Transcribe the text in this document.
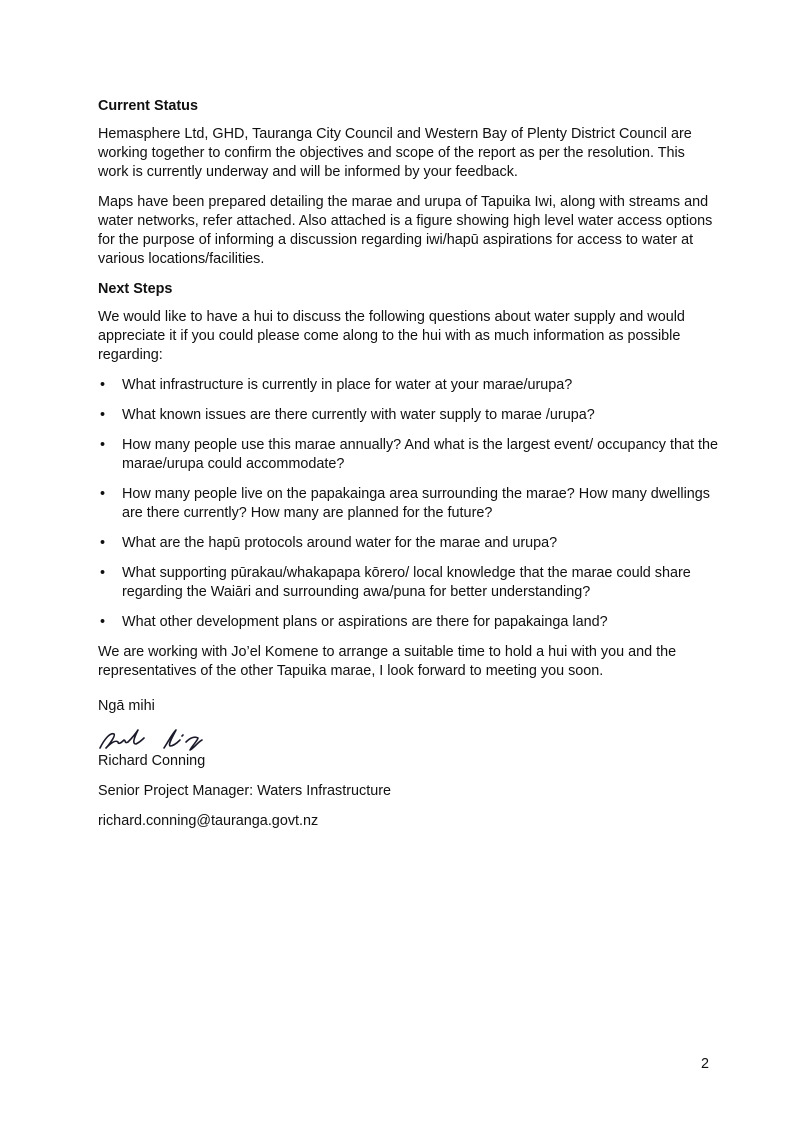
Current Status

Hemasphere Ltd, GHD, Tauranga City Council and Western Bay of Plenty District Council are working together to confirm the objectives and scope of the report as per the resolution. This work is currently underway and will be informed by your feedback.

Maps have been prepared detailing the marae and urupa of Tapuika Iwi, along with streams and water networks, refer attached. Also attached is a figure showing high level water access options for the purpose of informing a discussion regarding iwi/hapū aspirations for access to water at various locations/facilities.

Next Steps

We would like to have a hui to discuss the following questions about water supply and would appreciate it if you could please come along to the hui with as much information as possible regarding:

• What infrastructure is currently in place for water at your marae/urupa?
• What known issues are there currently with water supply to marae /urupa?
• How many people use this marae annually? And what is the largest event/ occupancy that the marae/urupa could accommodate?
• How many people live on the papakainga area surrounding the marae? How many dwellings are there currently? How many are planned for the future?
• What are the hapū protocols around water for the marae and urupa?
• What supporting pūrakau/whakapapa kōrero/ local knowledge that the marae could share regarding the Waiāri and surrounding awa/puna for better understanding?
• What other development plans or aspirations are there for papakainga land?

We are working with Jo’el Komene to arrange a suitable time to hold a hui with you and the representatives of the other Tapuika marae, I look forward to meeting you soon.

Ngā mihi

Richard Conning

Senior Project Manager: Waters Infrastructure

richard.conning@tauranga.govt.nz

2
